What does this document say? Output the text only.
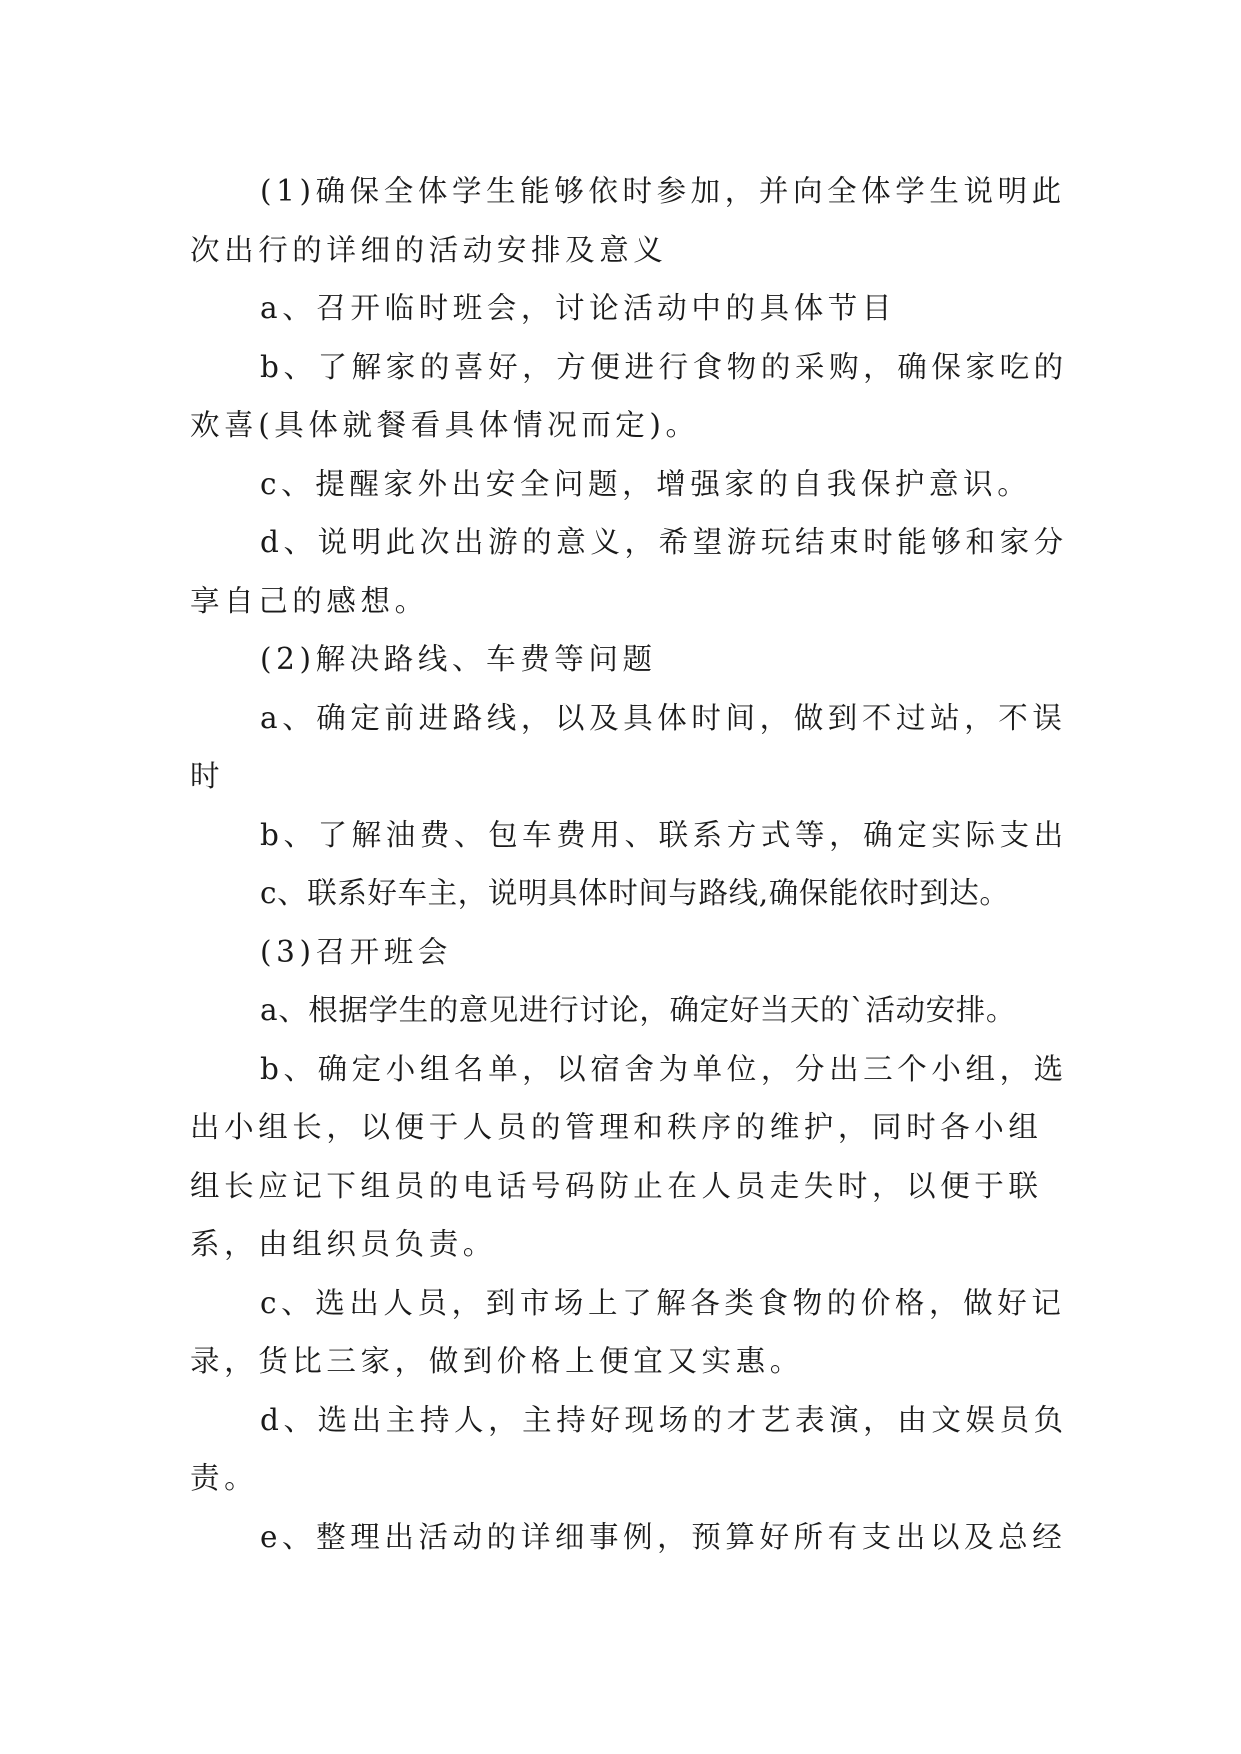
(1)确保全体学生能够依时参加，并向全体学生说明此次出行的详细的活动安排及意义

a、召开临时班会，讨论活动中的具体节目

b、了解家的喜好，方便进行食物的采购，确保家吃的欢喜(具体就餐看具体情况而定)。

c、提醒家外出安全问题，增强家的自我保护意识。

d、说明此次出游的意义，希望游玩结束时能够和家分享自己的感想。

(2)解决路线、车费等问题

a、确定前进路线，以及具体时间，做到不过站，不误时

b、了解油费、包车费用、联系方式等，确定实际支出

c、联系好车主，说明具体时间与路线,确保能依时到达。

(3)召开班会

a、根据学生的意见进行讨论，确定好当天的`活动安排。

b、确定小组名单，以宿舍为单位，分出三个小组，选出小组长，以便于人员的管理和秩序的维护，同时各小组组长应记下组员的电话号码防止在人员走失时，以便于联系，由组织员负责。

c、选出人员，到市场上了解各类食物的价格，做好记录，货比三家，做到价格上便宜又实惠。

d、选出主持人，主持好现场的才艺表演，由文娱员负责。

e、整理出活动的详细事例，预算好所有支出以及总经
